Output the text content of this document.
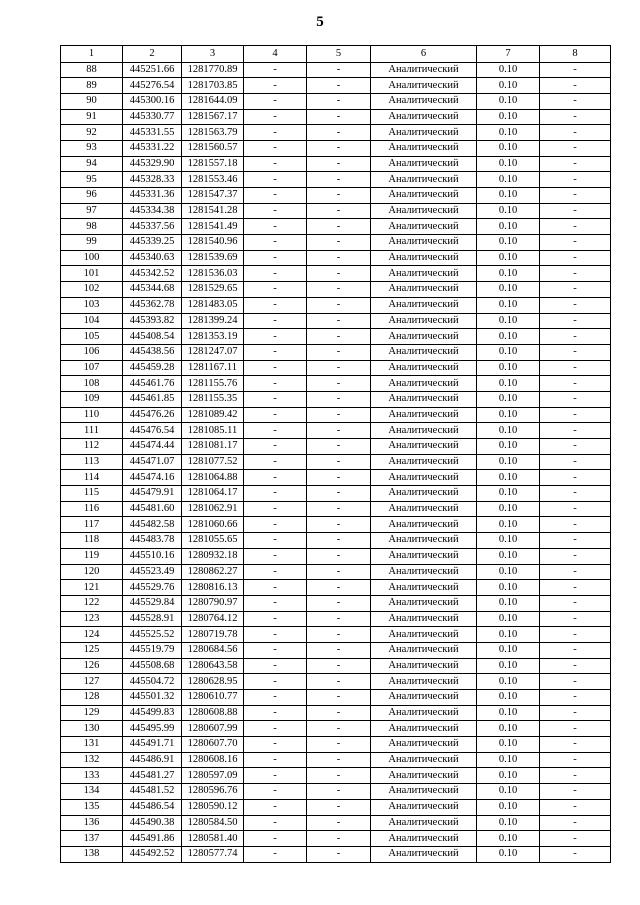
5
1	2	3	4	5	6	7	8
88	445251.66	1281770.89	-	-	Аналитический	0.10	-
89	445276.54	1281703.85	-	-	Аналитический	0.10	-
90	445300.16	1281644.09	-	-	Аналитический	0.10	-
91	445330.77	1281567.17	-	-	Аналитический	0.10	-
92	445331.55	1281563.79	-	-	Аналитический	0.10	-
93	445331.22	1281560.57	-	-	Аналитический	0.10	-
94	445329.90	1281557.18	-	-	Аналитический	0.10	-
95	445328.33	1281553.46	-	-	Аналитический	0.10	-
96	445331.36	1281547.37	-	-	Аналитический	0.10	-
97	445334.38	1281541.28	-	-	Аналитический	0.10	-
98	445337.56	1281541.49	-	-	Аналитический	0.10	-
99	445339.25	1281540.96	-	-	Аналитический	0.10	-
100	445340.63	1281539.69	-	-	Аналитический	0.10	-
101	445342.52	1281536.03	-	-	Аналитический	0.10	-
102	445344.68	1281529.65	-	-	Аналитический	0.10	-
103	445362.78	1281483.05	-	-	Аналитический	0.10	-
104	445393.82	1281399.24	-	-	Аналитический	0.10	-
105	445408.54	1281353.19	-	-	Аналитический	0.10	-
106	445438.56	1281247.07	-	-	Аналитический	0.10	-
107	445459.28	1281167.11	-	-	Аналитический	0.10	-
108	445461.76	1281155.76	-	-	Аналитический	0.10	-
109	445461.85	1281155.35	-	-	Аналитический	0.10	-
110	445476.26	1281089.42	-	-	Аналитический	0.10	-
111	445476.54	1281085.11	-	-	Аналитический	0.10	-
112	445474.44	1281081.17	-	-	Аналитический	0.10	-
113	445471.07	1281077.52	-	-	Аналитический	0.10	-
114	445474.16	1281064.88	-	-	Аналитический	0.10	-
115	445479.91	1281064.17	-	-	Аналитический	0.10	-
116	445481.60	1281062.91	-	-	Аналитический	0.10	-
117	445482.58	1281060.66	-	-	Аналитический	0.10	-
118	445483.78	1281055.65	-	-	Аналитический	0.10	-
119	445510.16	1280932.18	-	-	Аналитический	0.10	-
120	445523.49	1280862.27	-	-	Аналитический	0.10	-
121	445529.76	1280816.13	-	-	Аналитический	0.10	-
122	445529.84	1280790.97	-	-	Аналитический	0.10	-
123	445528.91	1280764.12	-	-	Аналитический	0.10	-
124	445525.52	1280719.78	-	-	Аналитический	0.10	-
125	445519.79	1280684.56	-	-	Аналитический	0.10	-
126	445508.68	1280643.58	-	-	Аналитический	0.10	-
127	445504.72	1280628.95	-	-	Аналитический	0.10	-
128	445501.32	1280610.77	-	-	Аналитический	0.10	-
129	445499.83	1280608.88	-	-	Аналитический	0.10	-
130	445495.99	1280607.99	-	-	Аналитический	0.10	-
131	445491.71	1280607.70	-	-	Аналитический	0.10	-
132	445486.91	1280608.16	-	-	Аналитический	0.10	-
133	445481.27	1280597.09	-	-	Аналитический	0.10	-
134	445481.52	1280596.76	-	-	Аналитический	0.10	-
135	445486.54	1280590.12	-	-	Аналитический	0.10	-
136	445490.38	1280584.50	-	-	Аналитический	0.10	-
137	445491.86	1280581.40	-	-	Аналитический	0.10	-
138	445492.52	1280577.74	-	-	Аналитический	0.10	-
